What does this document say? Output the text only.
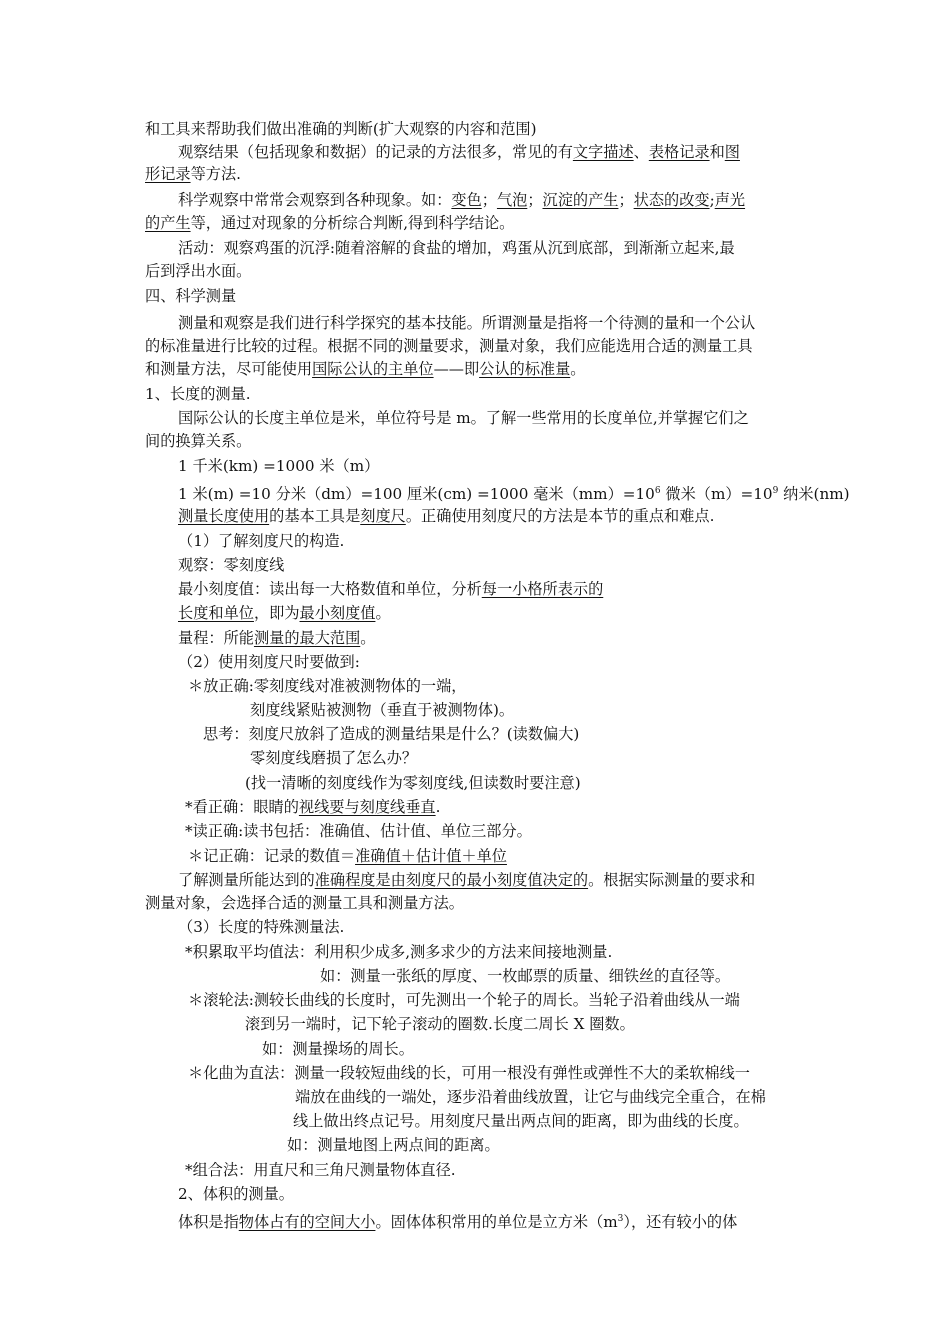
和工具来帮助我们做出准确的判断(扩大观察的内容和范围)
观察结果（包括现象和数据）的记录的方法很多，常见的有文字描述、表格记录和图
形记录等方法.
科学观察中常常会观察到各种现象。如：变色；气泡；沉淀的产生；状态的改变;声光
的产生等，通过对现象的分析综合判断,得到科学结论。
活动：观察鸡蛋的沉浮:随着溶解的食盐的增加，鸡蛋从沉到底部，到渐渐立起来,最
后到浮出水面。
四、科学测量
测量和观察是我们进行科学探究的基本技能。所谓测量是指将一个待测的量和一个公认
的标准量进行比较的过程。根据不同的测量要求，测量对象，我们应能选用合适的测量工具
和测量方法，尽可能使用国际公认的主单位——即公认的标准量。
1、长度的测量.
国际公认的长度主单位是米，单位符号是 m。了解一些常用的长度单位,并掌握它们之
间的换算关系。
1 千米(km) =1000 米（m）
1 米(m) =10 分米（dm）=100 厘米(cm) =1000 毫米$(mm)=10^6$ 微米$(m)=10^9$ 纳米(nm)
测量长度使用的基本工具是刻度尺。正确使用刻度尺的方法是本节的重点和难点.
（1）了解刻度尺的构造.
观察：零刻度线
最小刻度值：读出每一大格数值和单位，分析每一小格所表示的
长度和单位，即为最小刻度值。
量程：所能测量的最大范围。
（2）使用刻度尺时要做到:
＊放正确:零刻度线对准被测物体的一端，
刻度线紧贴被测物（垂直于被测物体)。
思考：刻度尺放斜了造成的测量结果是什么？(读数偏大)
零刻度线磨损了怎么办？
(找一清晰的刻度线作为零刻度线,但读数时要注意)
*看正确：眼睛的视线要与刻度线垂直.
*读正确:读书包括：准确值、估计值、单位三部分。
＊记正确：记录的数值＝准确值＋估计值＋单位
了解测量所能达到的准确程度是由刻度尺的最小刻度值决定的。根据实际测量的要求和
测量对象，会选择合适的测量工具和测量方法。
（3）长度的特殊测量法.
*积累取平均值法：利用积少成多,测多求少的方法来间接地测量.
如：测量一张纸的厚度、一枚邮票的质量、细铁丝的直径等。
＊滚轮法:测较长曲线的长度时，可先测出一个轮子的周长。当轮子沿着曲线从一端
滚到另一端时，记下轮子滚动的圈数.长度二周长 X 圈数。
如：测量操场的周长。
＊化曲为直法：测量一段较短曲线的长，可用一根没有弹性或弹性不大的柔软棉线一
端放在曲线的一端处，逐步沿着曲线放置，让它与曲线完全重合，在棉
线上做出终点记号。用刻度尺量出两点间的距离，即为曲线的长度。
如：测量地图上两点间的距离。
*组合法：用直尺和三角尺测量物体直径.
2、体积的测量。
体积是指物体占有的空间大小。固体体积常用的单位是立方米$(m^3)$，还有较小的体
